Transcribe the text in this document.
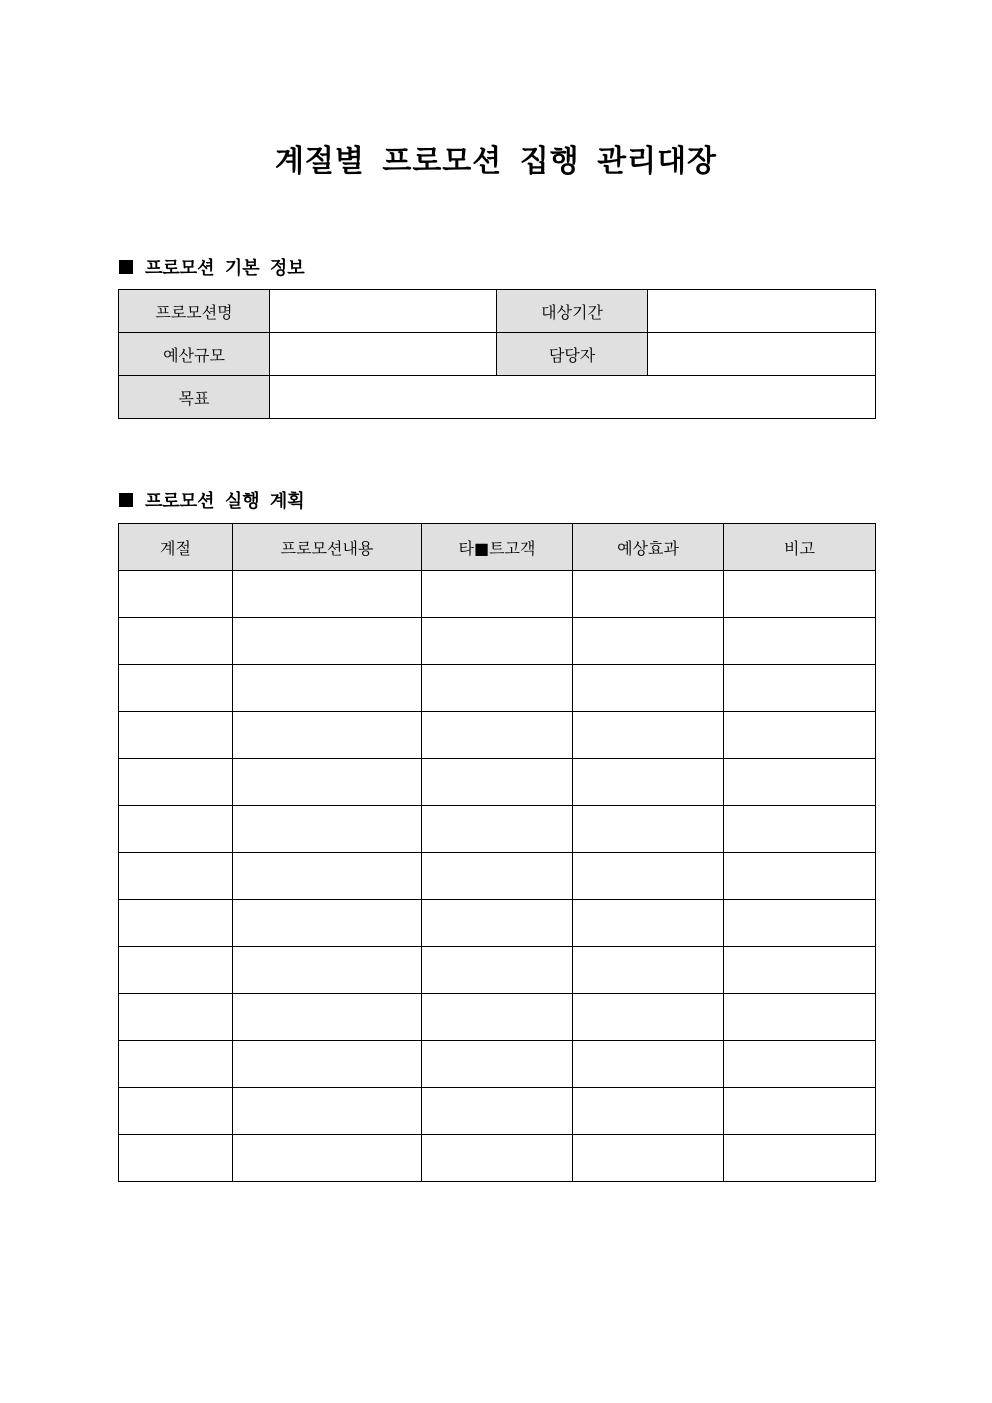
계절별 프로모션 집행 관리대장
프로모션 기본 정보
프로모션명		대상기간	
예산규모		담당자	
목표			
프로모션 실행 계획
계절	프로모션내용	타■트고객	예상효과	비고
